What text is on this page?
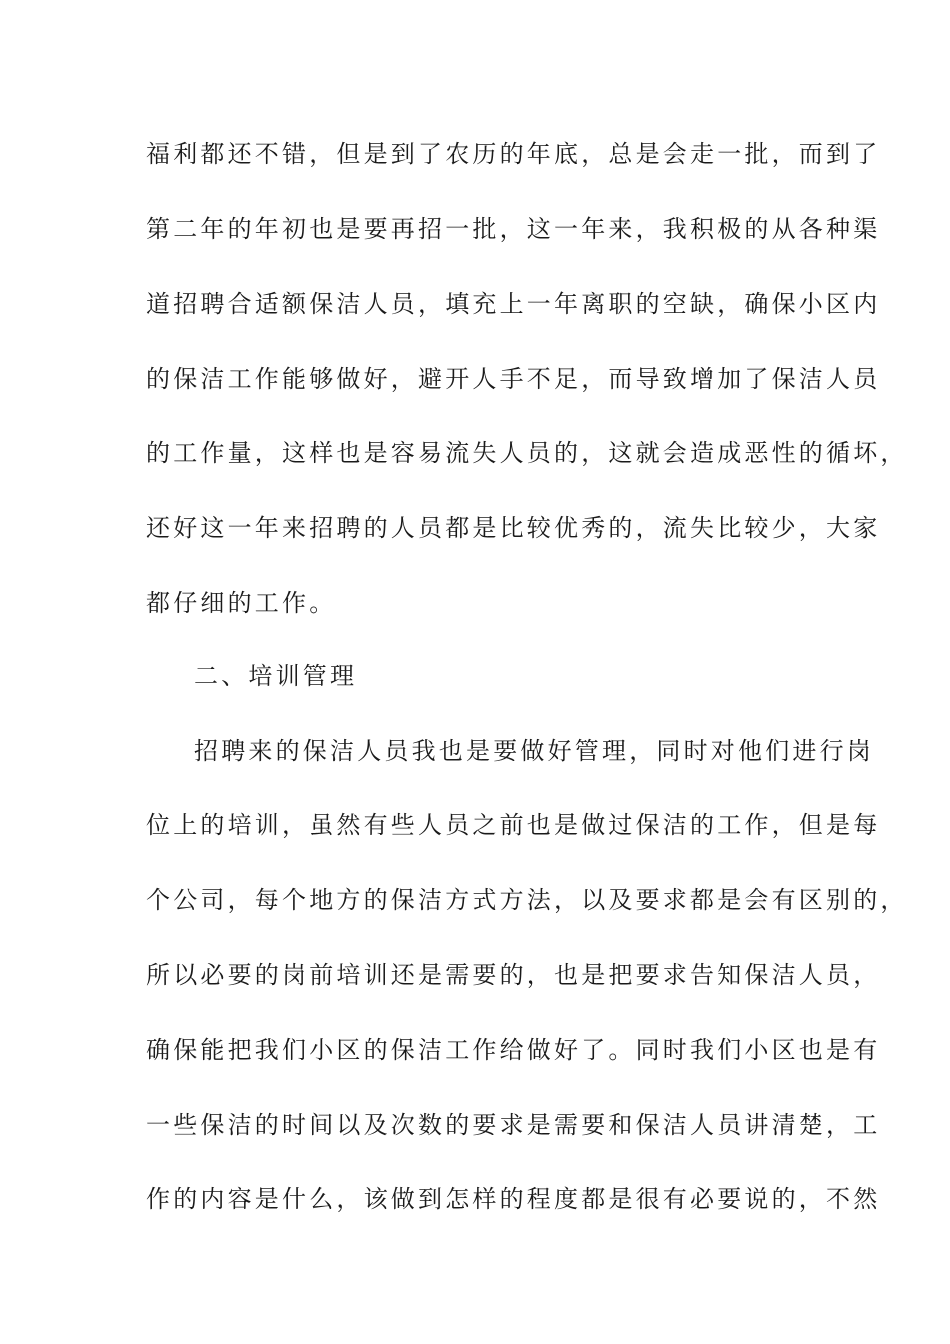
福利都还不错，但是到了农历的年底，总是会走一批，而到了

第二年的年初也是要再招一批，这一年来，我积极的从各种渠

道招聘合适额保洁人员，填充上一年离职的空缺，确保小区内

的保洁工作能够做好，避开人手不足，而导致增加了保洁人员

的工作量，这样也是容易流失人员的，这就会造成恶性的循坏，

还好这一年来招聘的人员都是比较优秀的，流失比较少，大家

都仔细的工作。

二、培训管理

招聘来的保洁人员我也是要做好管理，同时对他们进行岗

位上的培训，虽然有些人员之前也是做过保洁的工作，但是每

个公司，每个地方的保洁方式方法，以及要求都是会有区别的，

所以必要的岗前培训还是需要的，也是把要求告知保洁人员，

确保能把我们小区的保洁工作给做好了。同时我们小区也是有

一些保洁的时间以及次数的要求是需要和保洁人员讲清楚，工

作的内容是什么，该做到怎样的程度都是很有必要说的，不然
